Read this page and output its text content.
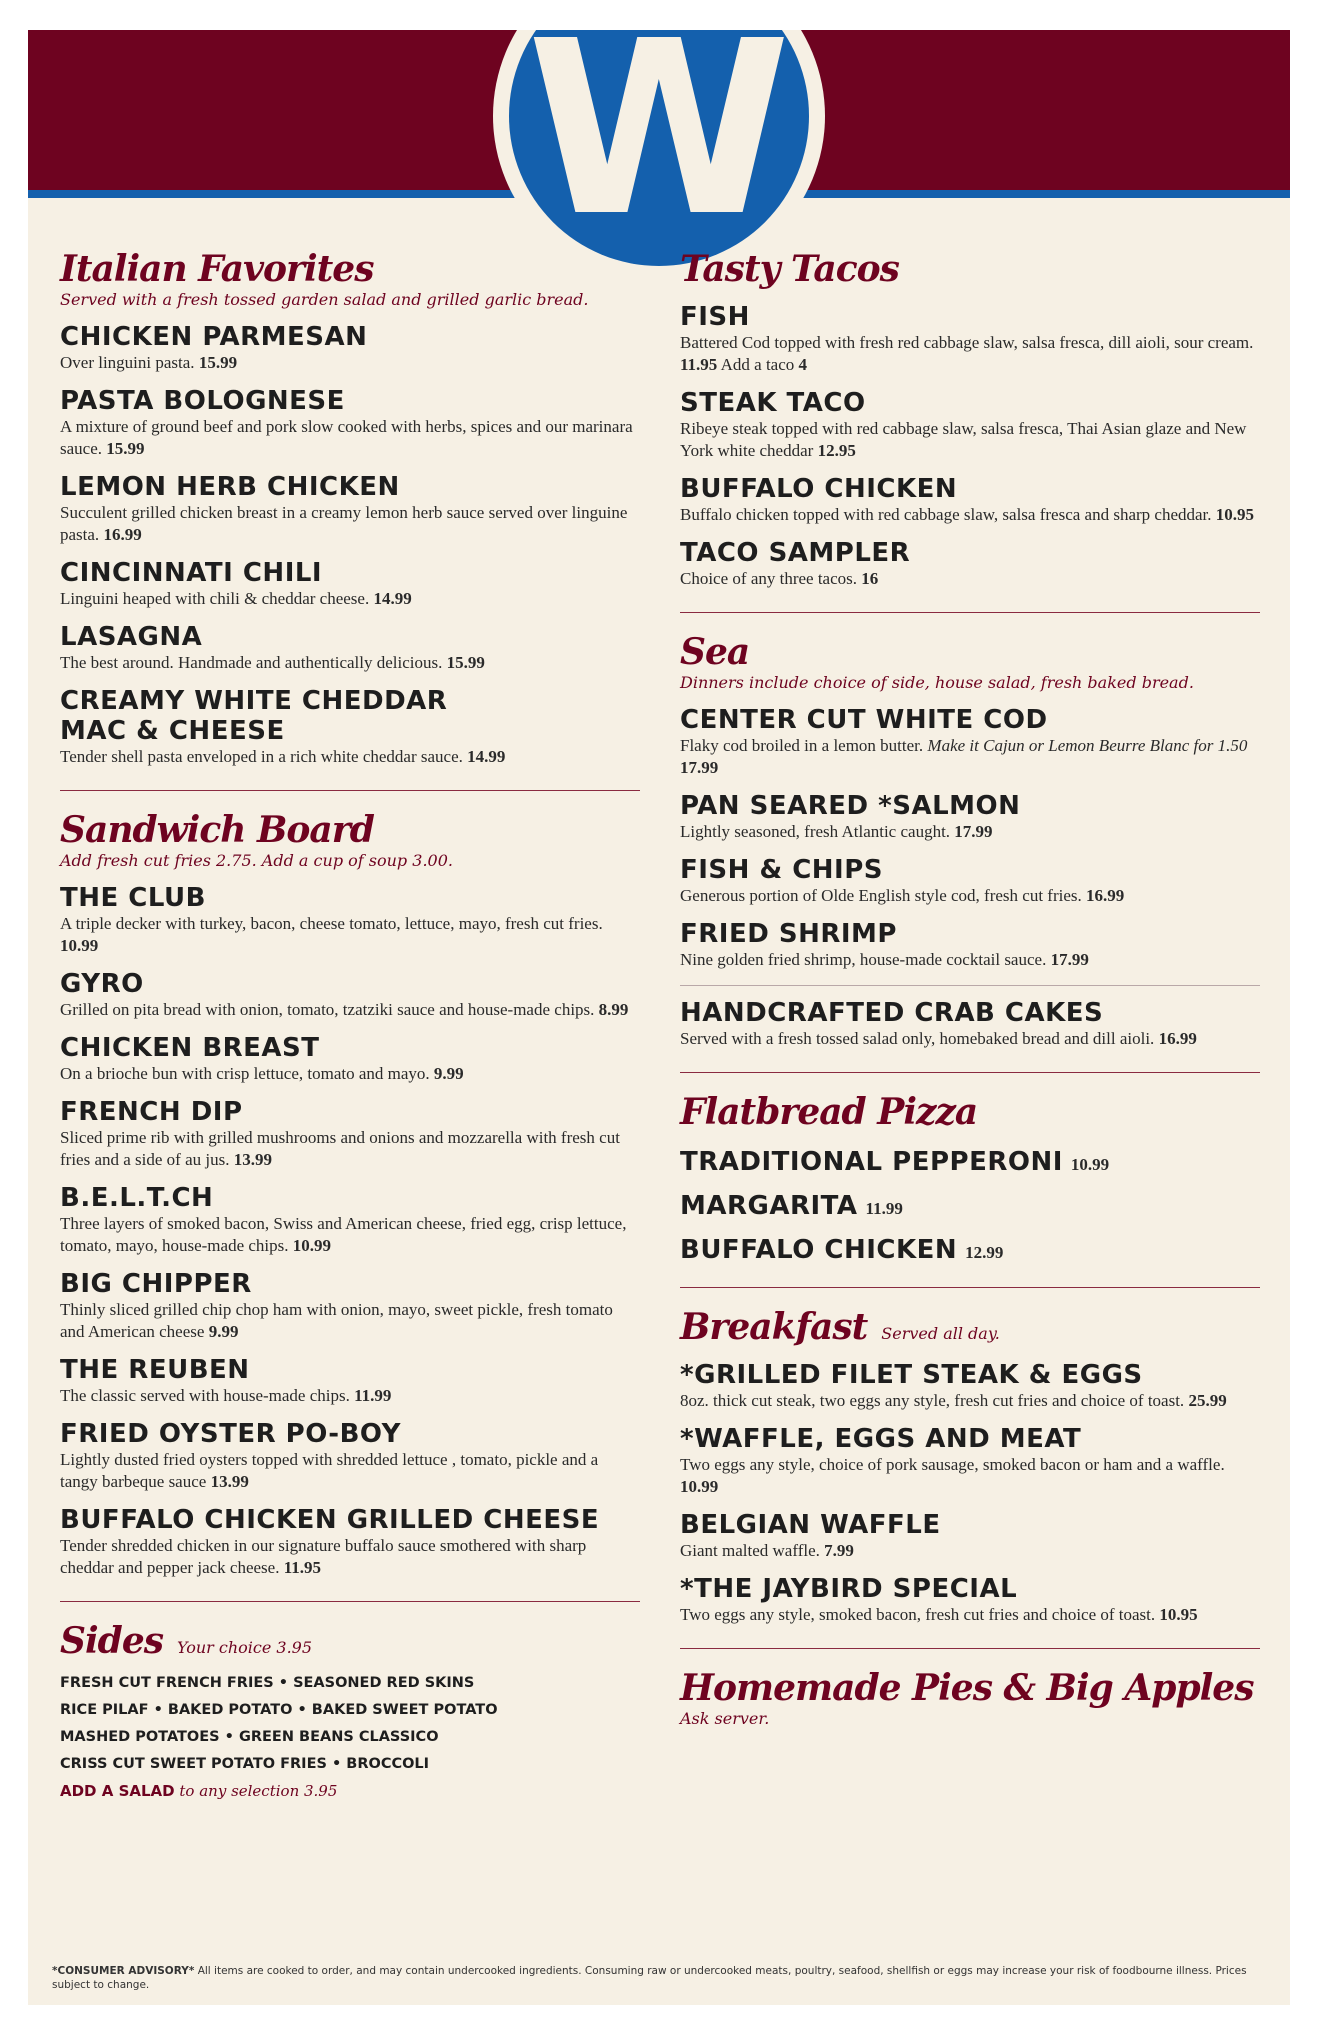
W
Italian Favorites

Served with a fresh tossed garden salad and grilled garlic bread.

CHICKEN PARMESAN

Over linguini pasta. 15.99

PASTA BOLOGNESE

A mixture of ground beef and pork slow cooked with herbs, spices and our marinara sauce. 15.99

LEMON HERB CHICKEN

Succulent grilled chicken breast in a creamy lemon herb sauce served over linguine pasta. 16.99

CINCINNATI CHILI

Linguini heaped with chili & cheddar cheese. 14.99

LASAGNA

The best around. Handmade and authentically delicious. 15.99

CREAMY WHITE CHEDDAR

MAC & CHEESE

Tender shell pasta enveloped in a rich white cheddar sauce. 14.99

Sandwich Board

Add fresh cut fries 2.75. Add a cup of soup 3.00.

THE CLUB

A triple decker with turkey, bacon, cheese tomato, lettuce, mayo, fresh cut fries. 10.99

GYRO

Grilled on pita bread with onion, tomato, tzatziki sauce and house-made chips. 8.99

CHICKEN BREAST

On a brioche bun with crisp lettuce, tomato and mayo. 9.99

FRENCH DIP

Sliced prime rib with grilled mushrooms and onions and mozzarella with fresh cut fries and a side of au jus. 13.99

B.E.L.T.CH

Three layers of smoked bacon, Swiss and American cheese, fried egg, crisp lettuce, tomato, mayo, house-made chips. 10.99

BIG CHIPPER

Thinly sliced grilled chip chop ham with onion, mayo, sweet pickle, fresh tomato and American cheese 9.99

THE REUBEN

The classic served with house-made chips. 11.99

FRIED OYSTER PO-BOY

Lightly dusted fried oysters topped with shredded lettuce , tomato, pickle and a tangy barbeque sauce 13.99

BUFFALO CHICKEN GRILLED CHEESE

Tender shredded chicken in our signature buffalo sauce smothered with sharp cheddar and pepper jack cheese. 11.95

Sides Your choice 3.95

FRESH CUT FRENCH FRIES • SEASONED RED SKINS

RICE PILAF • BAKED POTATO • BAKED SWEET POTATO

MASHED POTATOES • GREEN BEANS CLASSICO

CRISS CUT SWEET POTATO FRIES • BROCCOLI

ADD A SALAD to any selection 3.95

Tasty Tacos

FISH

Battered Cod topped with fresh red cabbage slaw, salsa fresca, dill aioli, sour cream. 11.95 Add a taco 4

STEAK TACO

Ribeye steak topped with red cabbage slaw, salsa fresca, Thai Asian glaze and New York white cheddar 12.95

BUFFALO CHICKEN

Buffalo chicken topped with red cabbage slaw, salsa fresca and sharp cheddar. 10.95

TACO SAMPLER

Choice of any three tacos. 16

Sea

Dinners include choice of side, house salad, fresh baked bread.

CENTER CUT WHITE COD

Flaky cod broiled in a lemon butter. Make it Cajun or Lemon Beurre Blanc for 1.50   17.99

PAN SEARED *SALMON

Lightly seasoned, fresh Atlantic caught. 17.99

FISH & CHIPS

Generous portion of Olde English style cod, fresh cut fries. 16.99

FRIED SHRIMP

Nine golden fried shrimp, house-made cocktail sauce. 17.99

HANDCRAFTED CRAB CAKES

Served with a fresh tossed salad only, homebaked bread and dill aioli. 16.99

Flatbread Pizza
TRADITIONAL PEPPERONI 10.99
MARGARITA 11.99
BUFFALO CHICKEN 12.99
Breakfast Served all day.

*GRILLED FILET STEAK & EGGS

8oz. thick cut steak, two eggs any style, fresh cut fries and choice of toast. 25.99

*WAFFLE, EGGS AND MEAT

Two eggs any style, choice of pork sausage, smoked bacon or ham and a waffle. 10.99

BELGIAN WAFFLE

Giant malted waffle. 7.99

*THE JAYBIRD SPECIAL

Two eggs any style, smoked bacon, fresh cut fries and choice of toast. 10.95

Homemade Pies & Big Apples

Ask server.

*CONSUMER ADVISORY* All items are cooked to order, and may contain undercooked ingredients. Consuming raw or undercooked meats, poultry, seafood, shellfish or eggs may increase your risk of foodbourne illness. Prices subject to change.
